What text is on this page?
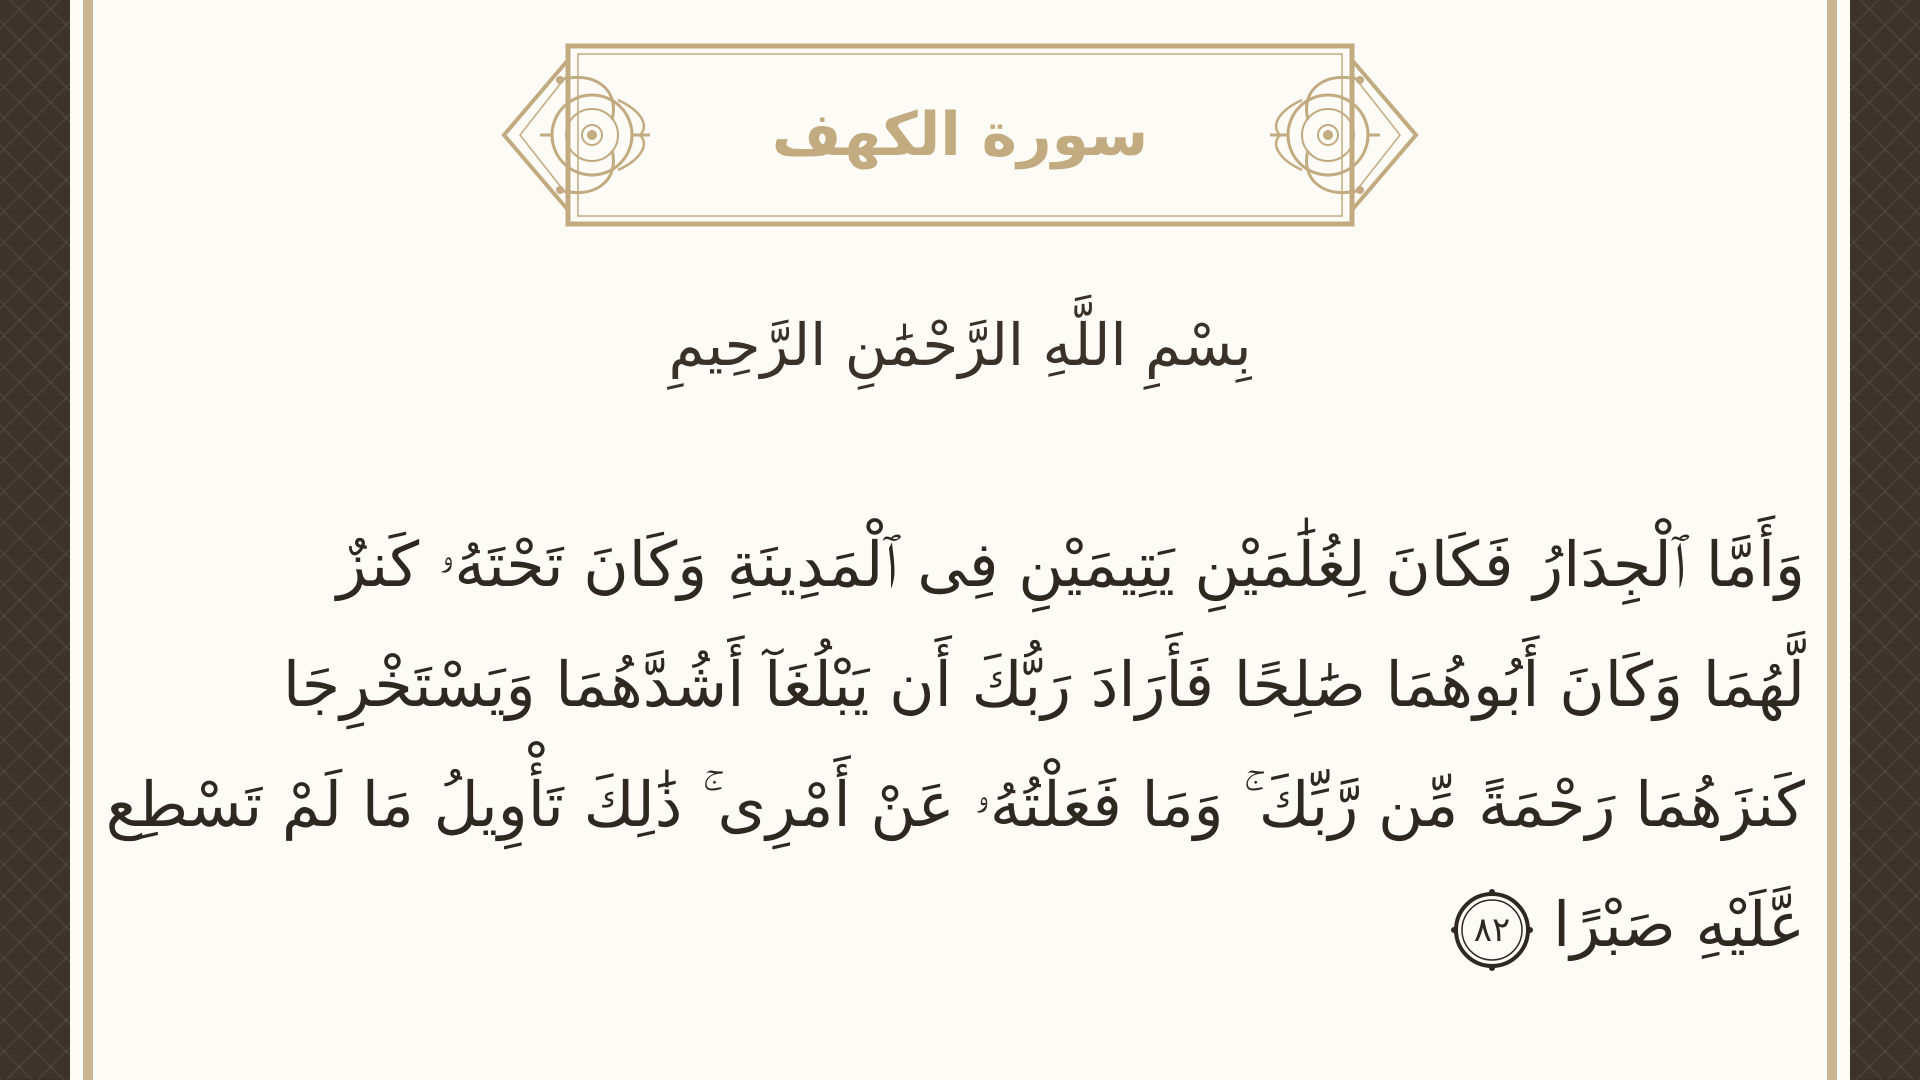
سورة الكهف
بِسْمِ اللَّهِ الرَّحْمَٰنِ الرَّحِيمِ
وَأَمَّا ٱلْجِدَارُ فَكَانَ لِغُلَٰمَيْنِ يَتِيمَيْنِ فِى ٱلْمَدِينَةِ وَكَانَ تَحْتَهُۥ كَنزٌ
لَّهُمَا وَكَانَ أَبُوهُمَا صَٰلِحًا فَأَرَادَ رَبُّكَ أَن يَبْلُغَآ أَشُدَّهُمَا وَيَسْتَخْرِجَا
كَنزَهُمَا رَحْمَةً مِّن رَّبِّكَ ۚ وَمَا فَعَلْتُهُۥ عَنْ أَمْرِى ۚ ذَٰلِكَ تَأْوِيلُ مَا لَمْ تَسْطِع
عَّلَيْهِ صَبْرًا
٨٢
